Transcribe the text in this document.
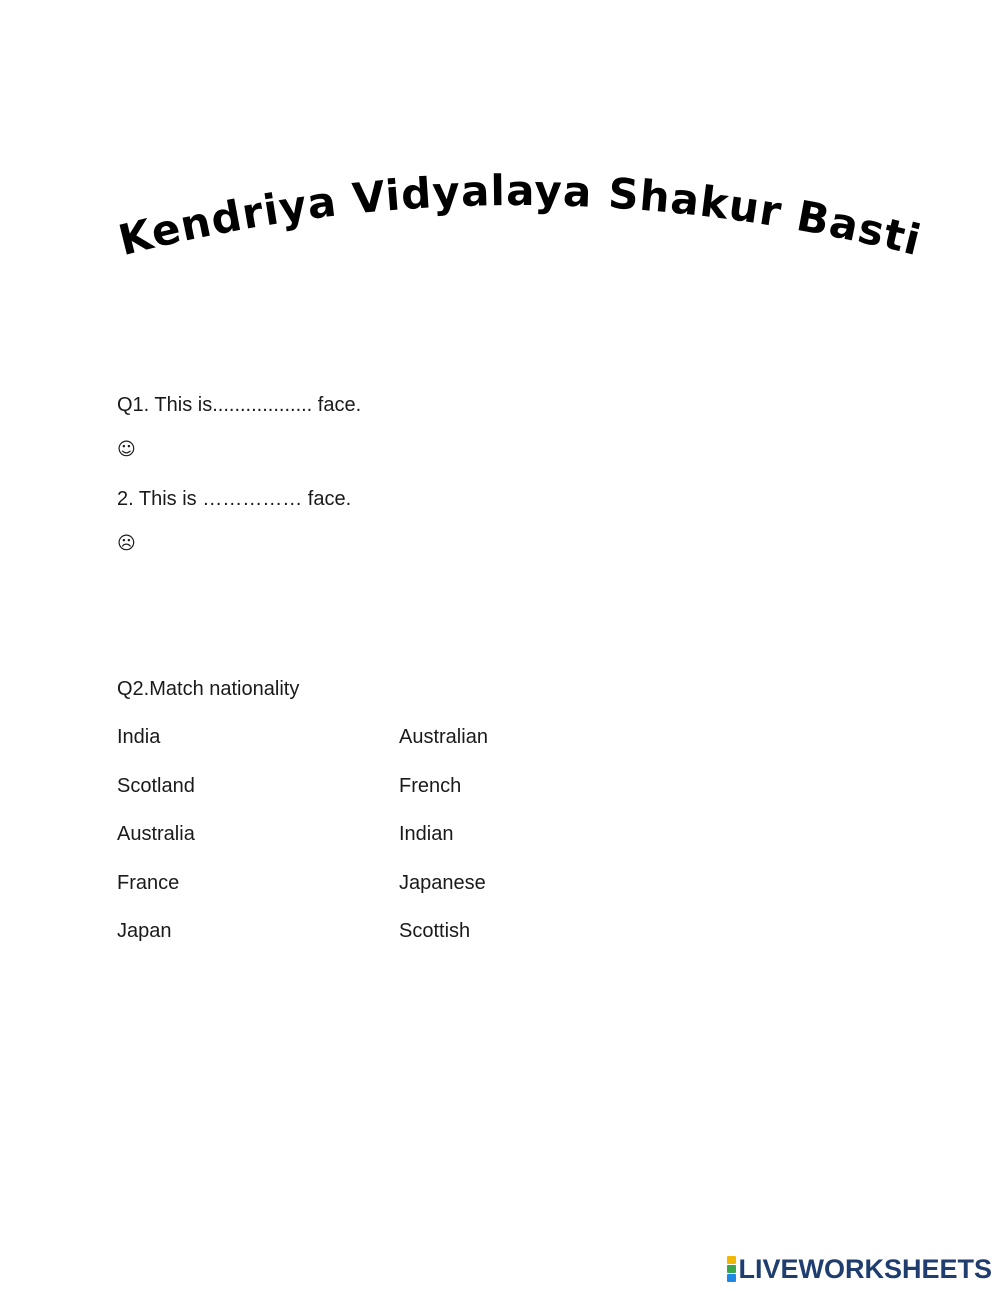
Kendriya Vidyalaya Shakur Basti
Q1. This is.................. face.
☺
2. This is …………… face.
☹
Q2.Match nationality
India	Australian
Scotland	French
Australia	Indian
France	Japanese
Japan	Scottish
LIVEWORKSHEETS
